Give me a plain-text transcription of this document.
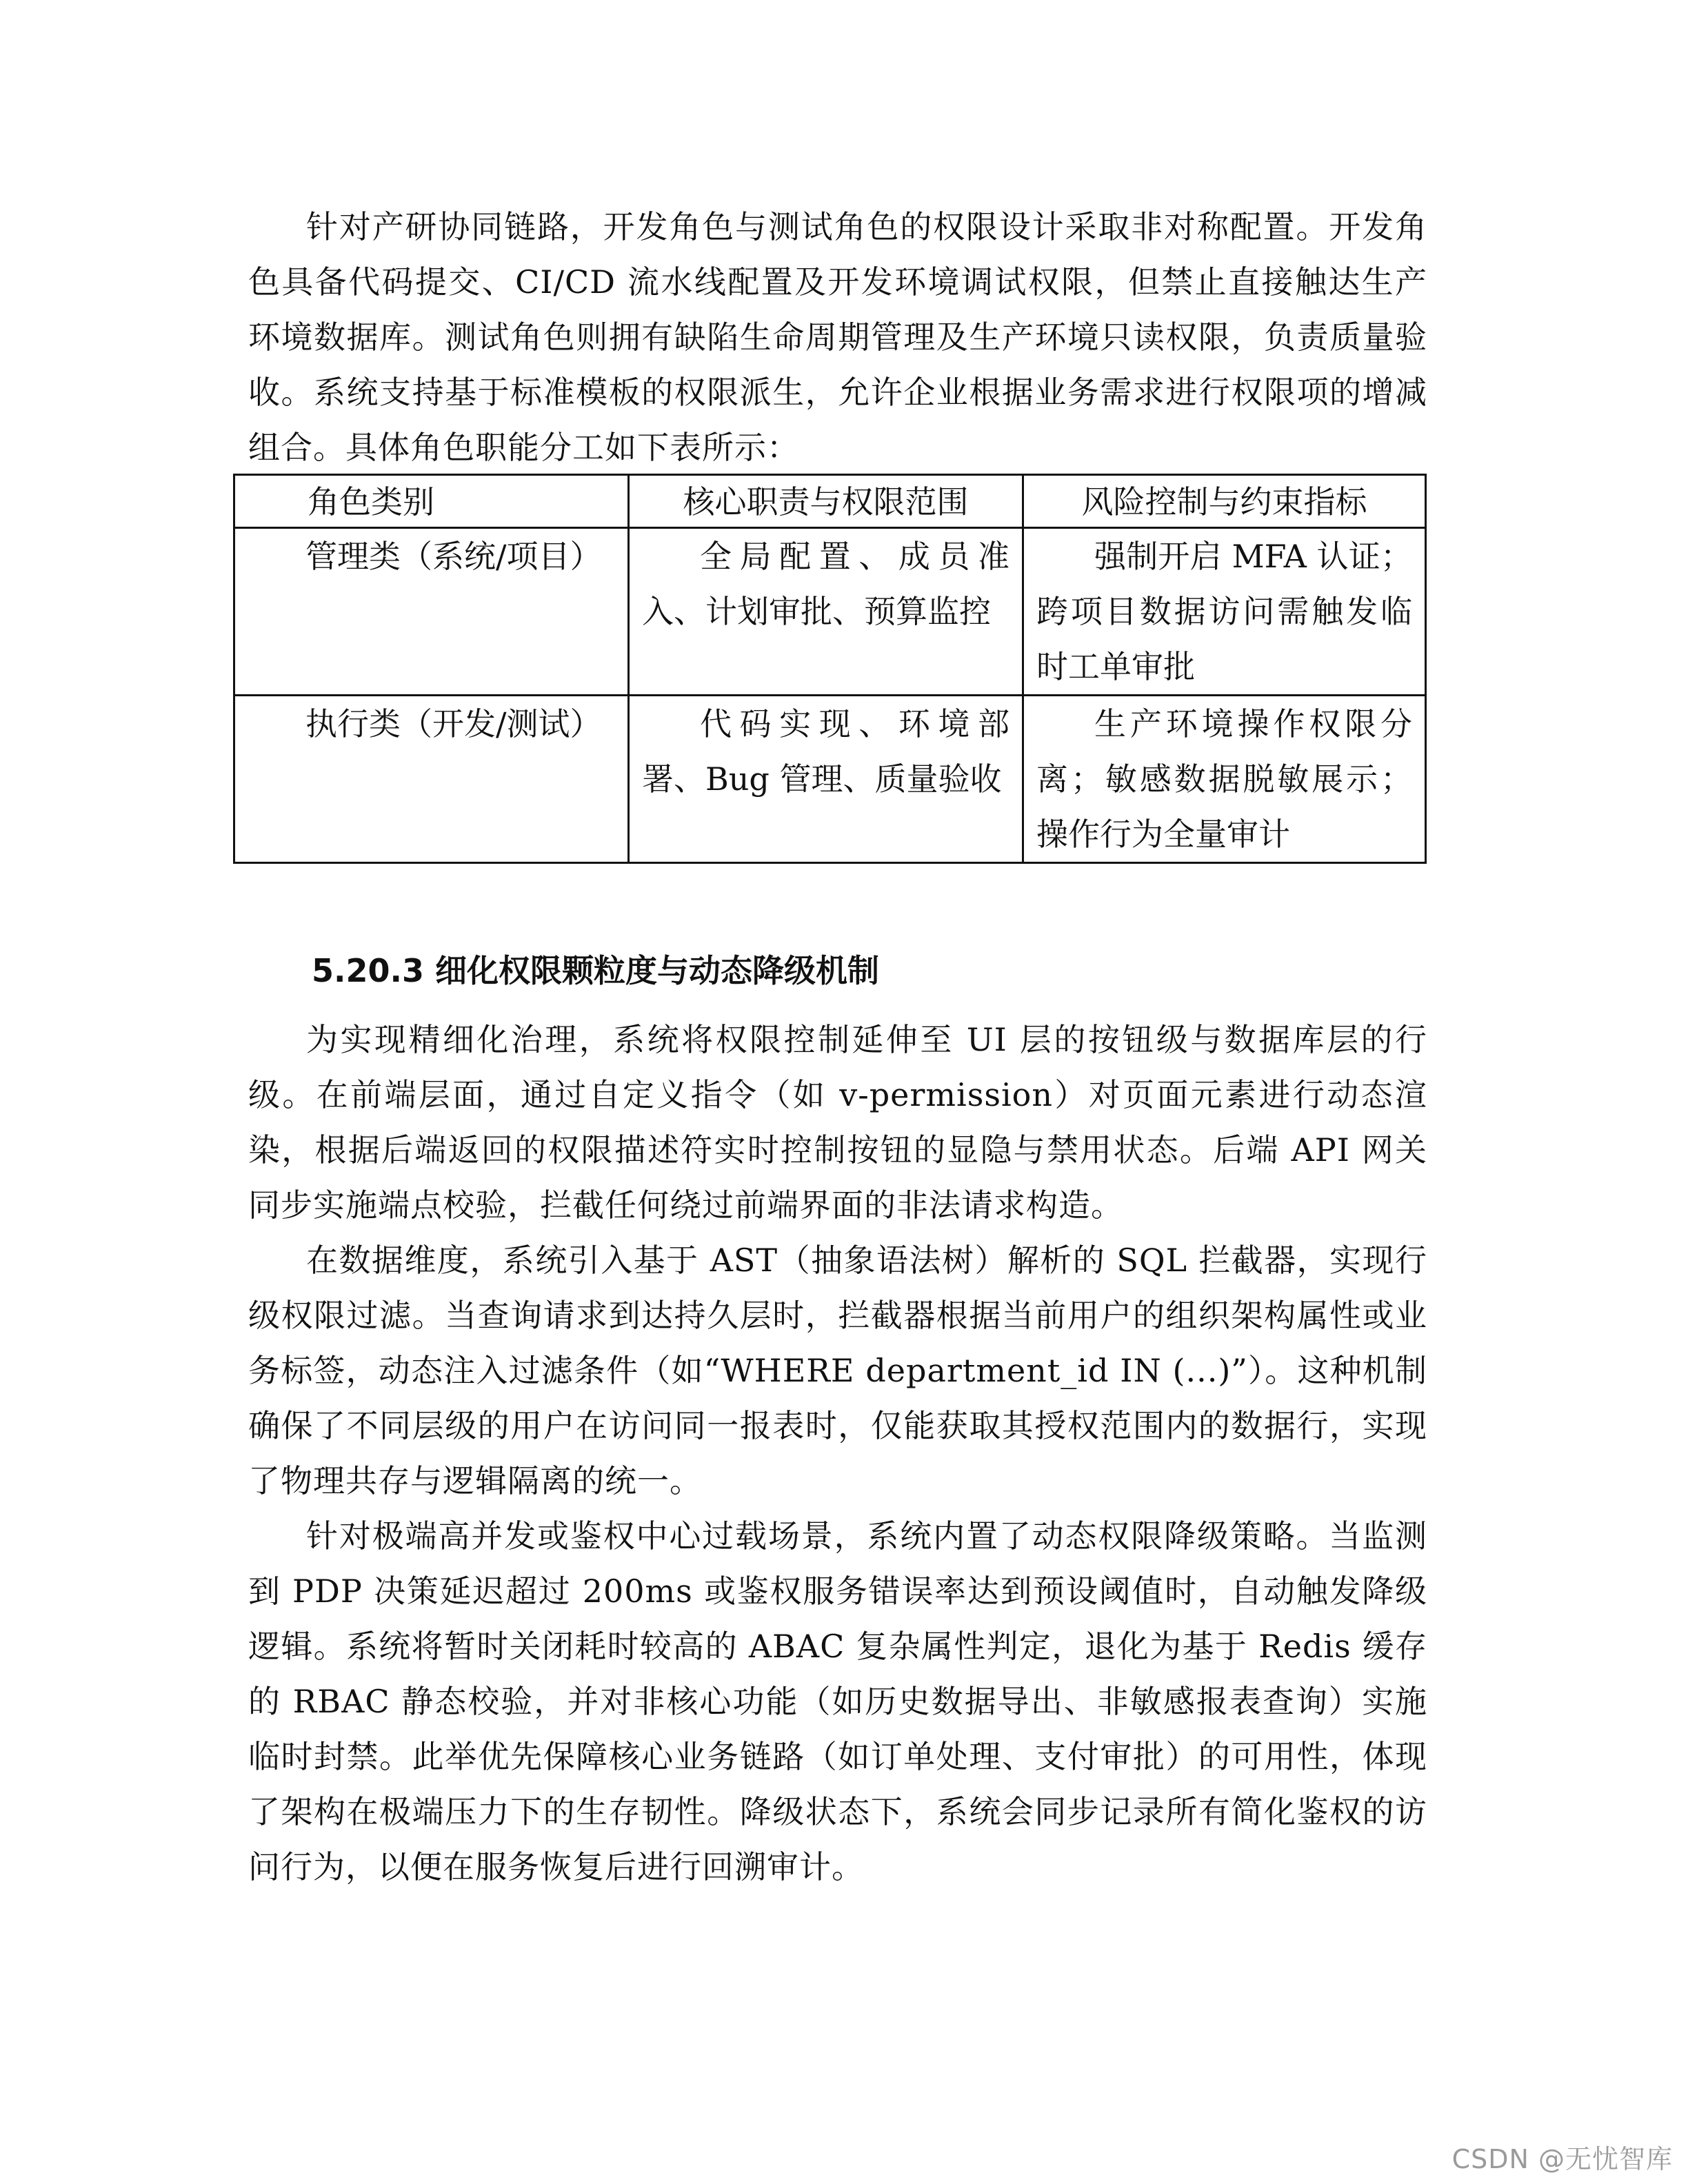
针对产研协同链路，开发角色与测试角色的权限设计采取非对称配置。开发角色具备代码提交、CI/CD 流水线配置及开发环境调试权限，但禁止直接触达生产环境数据库。测试角色则拥有缺陷生命周期管理及生产环境只读权限，负责质量验收。系统支持基于标准模板的权限派生，允许企业根据业务需求进行权限项的增减组合。具体角色职能分工如下表所示：

角色类别	核心职责与权限范围	风险控制与约束指标
管理类（系统/项目）	全局配置、成员准入、计划审批、预算监控	强制开启 MFA 认证；跨项目数据访问需触发临时工单审批
执行类（开发/测试）	代码实现、环境部署、Bug 管理、质量验收	生产环境操作权限分离；敏感数据脱敏展示；操作行为全量审计
5.20.3 细化权限颗粒度与动态降级机制

为实现精细化治理，系统将权限控制延伸至 UI 层的按钮级与数据库层的行级。在前端层面，通过自定义指令（如 v-permission）对页面元素进行动态渲染，根据后端返回的权限描述符实时控制按钮的显隐与禁用状态。后端 API 网关同步实施端点校验，拦截任何绕过前端界面的非法请求构造。

在数据维度，系统引入基于 AST（抽象语法树）解析的 SQL 拦截器，实现行级权限过滤。当查询请求到达持久层时，拦截器根据当前用户的组织架构属性或业务标签，动态注入过滤条件（如“WHERE department_id IN (...)”）。这种机制确保了不同层级的用户在访问同一报表时，仅能获取其授权范围内的数据行，实现了物理共存与逻辑隔离的统一。

针对极端高并发或鉴权中心过载场景，系统内置了动态权限降级策略。当监测到 PDP 决策延迟超过 200ms 或鉴权服务错误率达到预设阈值时，自动触发降级逻辑。系统将暂时关闭耗时较高的 ABAC 复杂属性判定，退化为基于 Redis 缓存的 RBAC 静态校验，并对非核心功能（如历史数据导出、非敏感报表查询）实施临时封禁。此举优先保障核心业务链路（如订单处理、支付审批）的可用性，体现了架构在极端压力下的生存韧性。降级状态下，系统会同步记录所有简化鉴权的访问行为，以便在服务恢复后进行回溯审计。

CSDN @无忧智库
